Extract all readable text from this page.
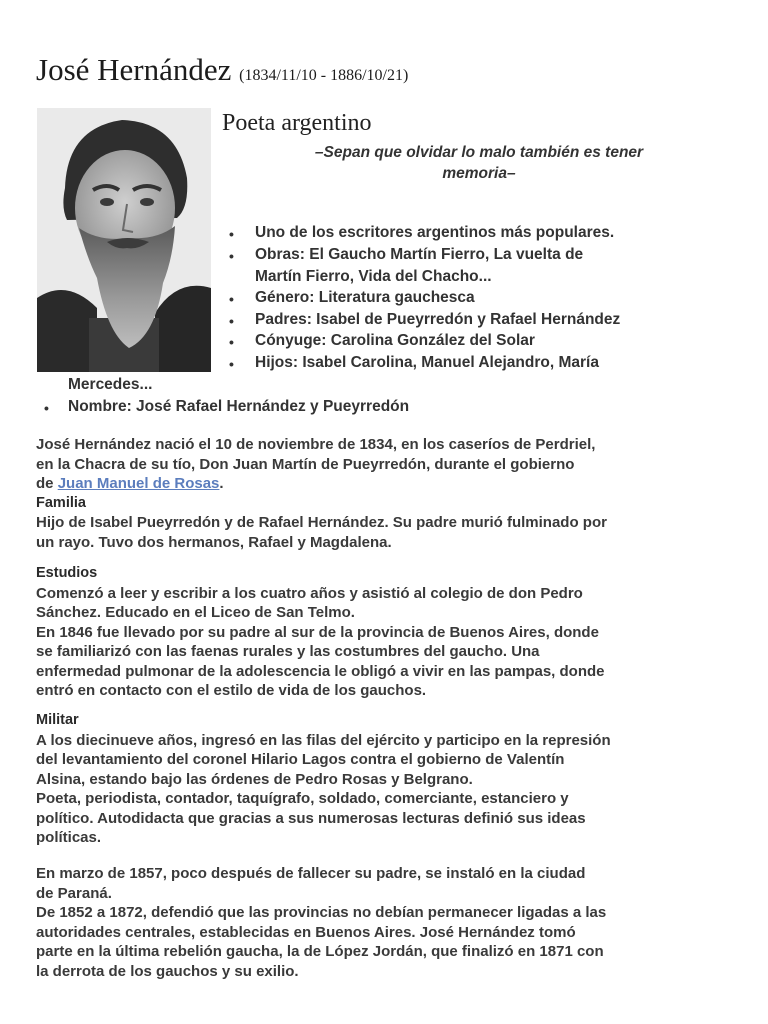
José Hernández (1834/11/10 - 1886/10/21)
Poeta argentino
–Sepan que olvidar lo malo también es tener
memoria–
• Uno de los escritores argentinos más populares.
• Obras: El Gaucho Martín Fierro, La vuelta de
Martín Fierro, Vida del Chacho...
• Género: Literatura gauchesca
• Padres: Isabel de Pueyrredón y Rafael Hernández
• Cónyuge: Carolina González del Solar
• Hijos: Isabel Carolina, Manuel Alejandro, María
Mercedes...
• Nombre: José Rafael Hernández y Pueyrredón
José Hernández nació el 10 de noviembre de 1834, en los caseríos de Perdriel,
en la Chacra de su tío, Don Juan Martín de Pueyrredón, durante el gobierno
de Juan Manuel de Rosas.
Familia
Hijo de Isabel Pueyrredón y de Rafael Hernández. Su padre murió fulminado por
un rayo. Tuvo dos hermanos, Rafael y Magdalena.
Estudios
Comenzó a leer y escribir a los cuatro años y asistió al colegio de don Pedro
Sánchez. Educado en el Liceo de San Telmo.
En 1846 fue llevado por su padre al sur de la provincia de Buenos Aires, donde
se familiarizó con las faenas rurales y las costumbres del gaucho. Una
enfermedad pulmonar de la adolescencia le obligó a vivir en las pampas, donde
entró en contacto con el estilo de vida de los gauchos.
Militar
A los diecinueve años, ingresó en las filas del ejército y participo en la represión
del levantamiento del coronel Hilario Lagos contra el gobierno de Valentín
Alsina, estando bajo las órdenes de Pedro Rosas y Belgrano.
Poeta, periodista, contador, taquígrafo, soldado, comerciante, estanciero y
político. Autodidacta que gracias a sus numerosas lecturas definió sus ideas
políticas.
En marzo de 1857, poco después de fallecer su padre, se instaló en la ciudad
de Paraná.
De 1852 a 1872, defendió que las provincias no debían permanecer ligadas a las
autoridades centrales, establecidas en Buenos Aires. José Hernández tomó
parte en la última rebelión gaucha, la de López Jordán, que finalizó en 1871 con
la derrota de los gauchos y su exilio.
